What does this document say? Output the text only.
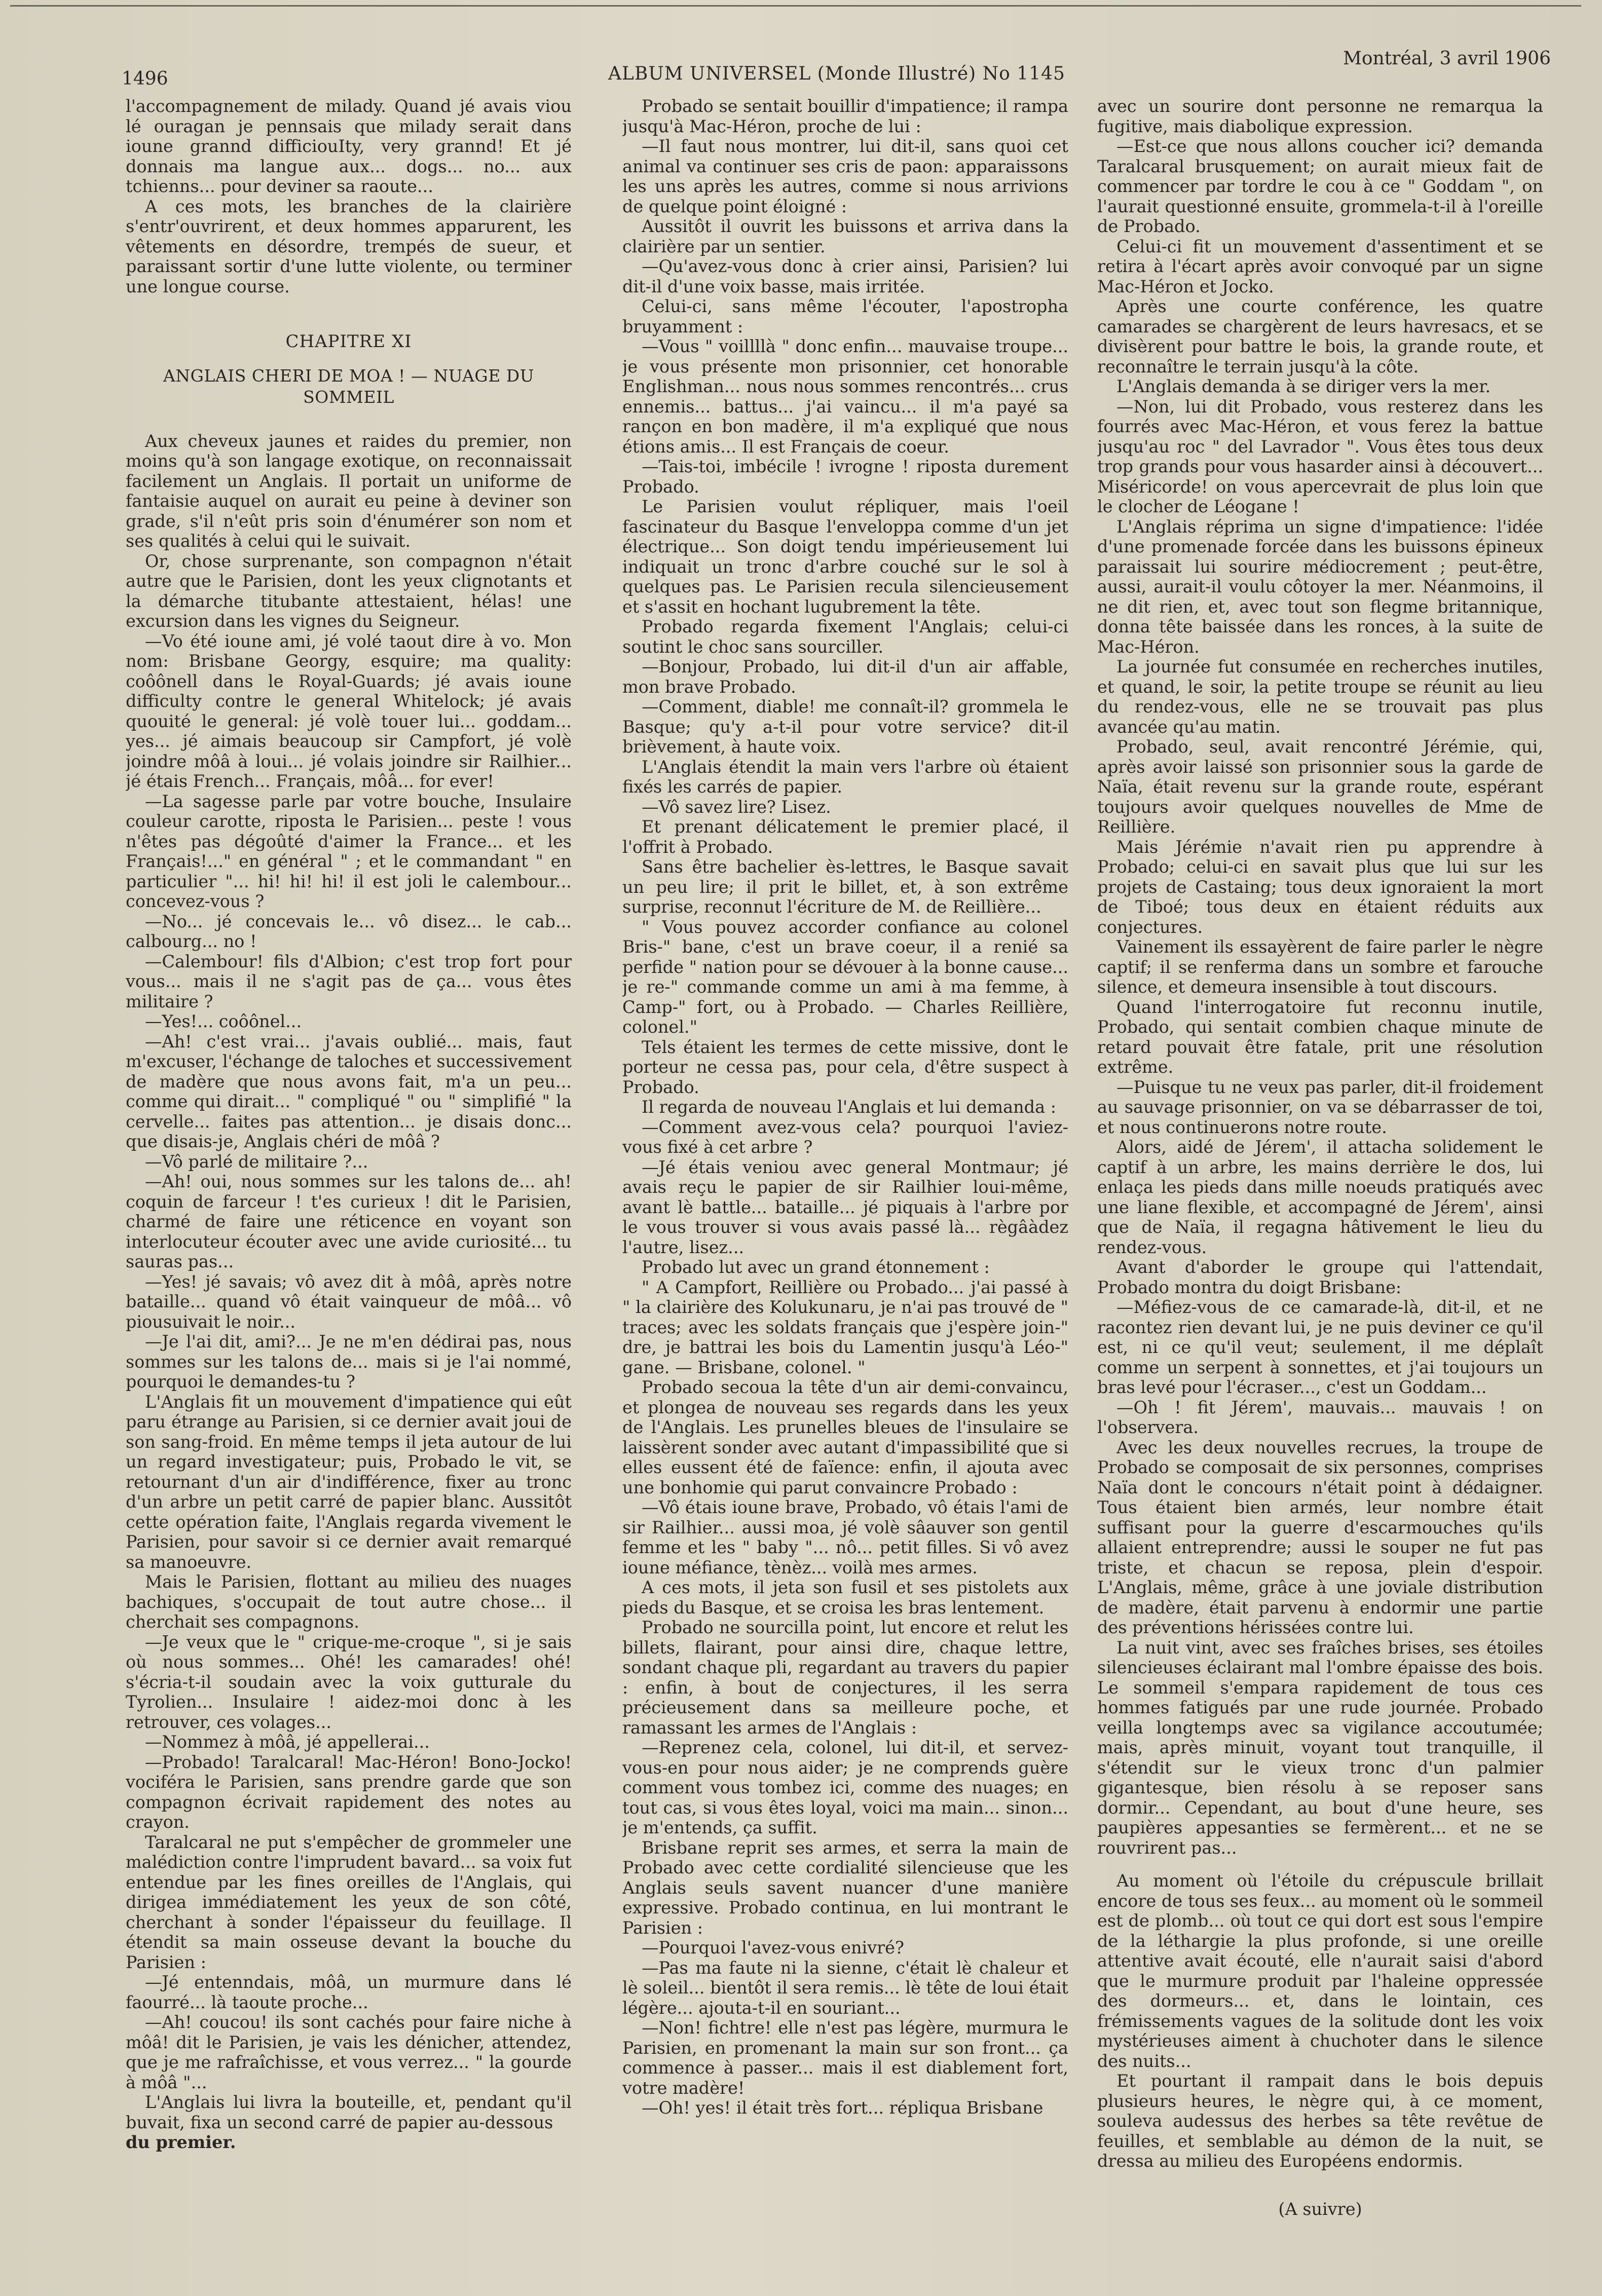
1496	ALBUM UNIVERSEL (Monde Illustré) No 1145
Montréal, 3 avril 1906

l'accompagnement de milady. Quand jé avais viou lé ouragan je pennsais que milady serait dans ioune grannd difficiouIty, very grannd! Et jé donnais ma langue aux... dogs... no... aux tchienns... pour deviner sa raoute...

A ces mots, les branches de la clairière s'entr'ouvrirent, et deux hommes apparurent, les vêtements en désordre, trempés de sueur, et paraissant sortir d'une lutte violente, ou terminer une longue course.

CHAPITRE XI
ANGLAIS CHERI DE MOA ! — NUAGE DU SOMMEIL

Aux cheveux jaunes et raides du premier, non moins qu'à son langage exotique, on reconnaissait facilement un Anglais. Il portait un uniforme de fantaisie auquel on aurait eu peine à deviner son grade, s'il n'eût pris soin d'énumérer son nom et ses qualités à celui qui le suivait.

Or, chose surprenante, son compagnon n'était autre que le Parisien, dont les yeux clignotants et la démarche titubante attestaient, hélas! une excursion dans les vignes du Seigneur.

—Vo été ioune ami, jé volé taout dire à vo. Mon nom: Brisbane Georgy, esquire; ma quality: coôônell dans le Royal-Guards; jé avais ioune difficulty contre le general Whitelock; jé avais quouité le general: jé volè touer lui... goddam... yes... jé aimais beaucoup sir Campfort, jé volè joindre môâ à loui... jé volais joindre sir Railhier... jé étais French... Français, môâ... for ever!

—La sagesse parle par votre bouche, Insulaire couleur carotte, riposta le Parisien... peste ! vous n'êtes pas dégoûté d'aimer la France... et les Français!..." en général " ; et le commandant " en particulier "... hi! hi! hi! il est joli le calembour... concevez-vous ?

—No... jé concevais le... vô disez... le cab... calbourg... no !

—Calembour! fils d'Albion; c'est trop fort pour vous... mais il ne s'agit pas de ça... vous êtes militaire ?

—Yes!... coôônel...

—Ah! c'est vrai... j'avais oublié... mais, faut m'excuser, l'échange de taloches et successivement de madère que nous avons fait, m'a un peu... comme qui dirait... " compliqué " ou " simplifié " la cervelle... faites pas attention... je disais donc... que disais-je, Anglais chéri de môâ ?

—Vô parlé de militaire ?...

—Ah! oui, nous sommes sur les talons de... ah! coquin de farceur ! t'es curieux ! dit le Parisien, charmé de faire une réticence en voyant son interlocuteur écouter avec une avide curiosité... tu sauras pas...

—Yes! jé savais; vô avez dit à môâ, après notre bataille... quand vô était vainqueur de môâ... vô piousuivait le noir...

—Je l'ai dit, ami?... Je ne m'en dédirai pas, nous sommes sur les talons de... mais si je l'ai nommé, pourquoi le demandes-tu ?

L'Anglais fit un mouvement d'impatience qui eût paru étrange au Parisien, si ce dernier avait joui de son sang-froid. En même temps il jeta autour de lui un regard investigateur; puis, Probado le vit, se retournant d'un air d'indifférence, fixer au tronc d'un arbre un petit carré de papier blanc. Aussitôt cette opération faite, l'Anglais regarda vivement le Parisien, pour savoir si ce dernier avait remarqué sa manoeuvre.

Mais le Parisien, flottant au milieu des nuages bachiques, s'occupait de tout autre chose... il cherchait ses compagnons.

—Je veux que le " crique-me-croque ", si je sais où nous sommes... Ohé! les camarades! ohé! s'écria-t-il soudain avec la voix gutturale du Tyrolien... Insulaire ! aidez-moi donc à les retrouver, ces volages...

—Nommez à môâ, jé appellerai...

—Probado! Taralcaral! Mac-Héron! Bono-Jocko! vociféra le Parisien, sans prendre garde que son compagnon écrivait rapidement des notes au crayon.

Taralcaral ne put s'empêcher de grommeler une malédiction contre l'imprudent bavard... sa voix fut entendue par les fines oreilles de l'Anglais, qui dirigea immédiatement les yeux de son côté, cherchant à sonder l'épaisseur du feuillage. Il étendit sa main osseuse devant la bouche du Parisien :

—Jé entenndais, môâ, un murmure dans lé faourré... là taoute proche...

—Ah! coucou! ils sont cachés pour faire niche à môâ! dit le Parisien, je vais les dénicher, attendez, que je me rafraîchisse, et vous verrez... " la gourde à môâ "...

L'Anglais lui livra la bouteille, et, pendant qu'il buvait, fixa un second carré de papier au-dessous

du premier.

Probado se sentait bouillir d'impatience; il rampa jusqu'à Mac-Héron, proche de lui :

—Il faut nous montrer, lui dit-il, sans quoi cet animal va continuer ses cris de paon: apparaissons les uns après les autres, comme si nous arrivions de quelque point éloigné :

Aussitôt il ouvrit les buissons et arriva dans la clairière par un sentier.

—Qu'avez-vous donc à crier ainsi, Parisien? lui dit-il d'une voix basse, mais irritée.

Celui-ci, sans même l'écouter, l'apostropha bruyamment :

—Vous " voillllà " donc enfin... mauvaise troupe... je vous présente mon prisonnier, cet honorable Englishman... nous nous sommes rencontrés... crus ennemis... battus... j'ai vaincu... il m'a payé sa rançon en bon madère, il m'a expliqué que nous étions amis... Il est Français de coeur.

—Tais-toi, imbécile ! ivrogne ! riposta durement Probado.

Le Parisien voulut répliquer, mais l'oeil fascinateur du Basque l'enveloppa comme d'un jet électrique... Son doigt tendu impérieusement lui indiquait un tronc d'arbre couché sur le sol à quelques pas. Le Parisien recula silencieusement et s'assit en hochant lugubrement la tête.

Probado regarda fixement l'Anglais; celui-ci soutint le choc sans sourciller.

—Bonjour, Probado, lui dit-il d'un air affable, mon brave Probado.

—Comment, diable! me connaît-il? grommela le Basque; qu'y a-t-il pour votre service? dit-il brièvement, à haute voix.

L'Anglais étendit la main vers l'arbre où étaient fixés les carrés de papier.

—Vô savez lire? Lisez.

Et prenant délicatement le premier placé, il l'offrit à Probado.

Sans être bachelier ès-lettres, le Basque savait un peu lire; il prit le billet, et, à son extrême surprise, reconnut l'écriture de M. de Reillière...

" Vous pouvez accorder confiance au colonel Bris-" bane, c'est un brave coeur, il a renié sa perfide " nation pour se dévouer à la bonne cause... je re-" commande comme un ami à ma femme, à Camp-" fort, ou à Probado. — Charles Reillière, colonel."

Tels étaient les termes de cette missive, dont le porteur ne cessa pas, pour cela, d'être suspect à Probado.

Il regarda de nouveau l'Anglais et lui demanda :

—Comment avez-vous cela? pourquoi l'aviez-vous fixé à cet arbre ?

—Jé étais veniou avec general Montmaur; jé avais reçu le papier de sir Railhier loui-même, avant lè battle... bataille... jé piquais à l'arbre por le vous trouver si vous avais passé là... règâàdez l'autre, lisez...

Probado lut avec un grand étonnement :

" A Campfort, Reillière ou Probado... j'ai passé à " la clairière des Kolukunaru, je n'ai pas trouvé de " traces; avec les soldats français que j'espère join-" dre, je battrai les bois du Lamentin jusqu'à Léo-" gane. — Brisbane, colonel. "

Probado secoua la tête d'un air demi-convaincu, et plongea de nouveau ses regards dans les yeux de l'Anglais. Les prunelles bleues de l'insulaire se laissèrent sonder avec autant d'impassibilité que si elles eussent été de faïence: enfin, il ajouta avec une bonhomie qui parut convaincre Probado :

—Vô étais ioune brave, Probado, vô étais l'ami de sir Railhier... aussi moa, jé volè sâauver son gentil femme et les " baby "... nô... petit filles. Si vô avez ioune méfiance, tènèz... voilà mes armes.

A ces mots, il jeta son fusil et ses pistolets aux pieds du Basque, et se croisa les bras lentement.

Probado ne sourcilla point, lut encore et relut les billets, flairant, pour ainsi dire, chaque lettre, sondant chaque pli, regardant au travers du papier : enfin, à bout de conjectures, il les serra précieusement dans sa meilleure poche, et ramassant les armes de l'Anglais :

—Reprenez cela, colonel, lui dit-il, et servez-vous-en pour nous aider; je ne comprends guère comment vous tombez ici, comme des nuages; en tout cas, si vous êtes loyal, voici ma main... sinon... je m'entends, ça suffit.

Brisbane reprit ses armes, et serra la main de Probado avec cette cordialité silencieuse que les Anglais seuls savent nuancer d'une manière expressive. Probado continua, en lui montrant le Parisien :

—Pourquoi l'avez-vous enivré?

—Pas ma faute ni la sienne, c'était lè chaleur et lè soleil... bientôt il sera remis... lè tête de loui était légère... ajouta-t-il en souriant...

—Non! fichtre! elle n'est pas légère, murmura le Parisien, en promenant la main sur son front... ça commence à passer... mais il est diablement fort, votre madère!

—Oh! yes! il était très fort... répliqua Brisbane

avec un sourire dont personne ne remarqua la fugitive, mais diabolique expression.

—Est-ce que nous allons coucher ici? demanda Taralcaral brusquement; on aurait mieux fait de commencer par tordre le cou à ce " Goddam ", on l'aurait questionné ensuite, grommela-t-il à l'oreille de Probado.

Celui-ci fit un mouvement d'assentiment et se retira à l'écart après avoir convoqué par un signe Mac-Héron et Jocko.

Après une courte conférence, les quatre camarades se chargèrent de leurs havresacs, et se divisèrent pour battre le bois, la grande route, et reconnaître le terrain jusqu'à la côte.

L'Anglais demanda à se diriger vers la mer.

—Non, lui dit Probado, vous resterez dans les fourrés avec Mac-Héron, et vous ferez la battue jusqu'au roc " del Lavrador ". Vous êtes tous deux trop grands pour vous hasarder ainsi à découvert... Miséricorde! on vous apercevrait de plus loin que le clocher de Léogane !

L'Anglais réprima un signe d'impatience: l'idée d'une promenade forcée dans les buissons épineux paraissait lui sourire médiocrement ; peut-être, aussi, aurait-il voulu côtoyer la mer. Néanmoins, il ne dit rien, et, avec tout son flegme britannique, donna tête baissée dans les ronces, à la suite de Mac-Héron.

La journée fut consumée en recherches inutiles, et quand, le soir, la petite troupe se réunit au lieu du rendez-vous, elle ne se trouvait pas plus avancée qu'au matin.

Probado, seul, avait rencontré Jérémie, qui, après avoir laissé son prisonnier sous la garde de Naïa, était revenu sur la grande route, espérant toujours avoir quelques nouvelles de Mme de Reillière.

Mais Jérémie n'avait rien pu apprendre à Probado; celui-ci en savait plus que lui sur les projets de Castaing; tous deux ignoraient la mort de Tiboé; tous deux en étaient réduits aux conjectures.

Vainement ils essayèrent de faire parler le nègre captif; il se renferma dans un sombre et farouche silence, et demeura insensible à tout discours.

Quand l'interrogatoire fut reconnu inutile, Probado, qui sentait combien chaque minute de retard pouvait être fatale, prit une résolution extrême.

—Puisque tu ne veux pas parler, dit-il froidement au sauvage prisonnier, on va se débarrasser de toi, et nous continuerons notre route.

Alors, aidé de Jérem', il attacha solidement le captif à un arbre, les mains derrière le dos, lui enlaça les pieds dans mille noeuds pratiqués avec une liane flexible, et accompagné de Jérem', ainsi que de Naïa, il regagna hâtivement le lieu du rendez-vous.

Avant d'aborder le groupe qui l'attendait, Probado montra du doigt Brisbane:

—Méfiez-vous de ce camarade-là, dit-il, et ne racontez rien devant lui, je ne puis deviner ce qu'il est, ni ce qu'il veut; seulement, il me déplaît comme un serpent à sonnettes, et j'ai toujours un bras levé pour l'écraser..., c'est un Goddam...

—Oh ! fit Jérem', mauvais... mauvais ! on l'observera.

Avec les deux nouvelles recrues, la troupe de Probado se composait de six personnes, comprises Naïa dont le concours n'était point à dédaigner. Tous étaient bien armés, leur nombre était suffisant pour la guerre d'escarmouches qu'ils allaient entreprendre; aussi le souper ne fut pas triste, et chacun se reposa, plein d'espoir. L'Anglais, même, grâce à une joviale distribution de madère, était parvenu à endormir une partie des préventions hérissées contre lui.

La nuit vint, avec ses fraîches brises, ses étoiles silencieuses éclairant mal l'ombre épaisse des bois. Le sommeil s'empara rapidement de tous ces hommes fatigués par une rude journée. Probado veilla longtemps avec sa vigilance accoutumée; mais, après minuit, voyant tout tranquille, il s'étendit sur le vieux tronc d'un palmier gigantesque, bien résolu à se reposer sans dormir... Cependant, au bout d'une heure, ses paupières appesanties se fermèrent... et ne se rouvrirent pas...

Au moment où l'étoile du crépuscule brillait encore de tous ses feux... au moment où le sommeil est de plomb... où tout ce qui dort est sous l'empire de la léthargie la plus profonde, si une oreille attentive avait écouté, elle n'aurait saisi d'abord que le murmure produit par l'haleine oppressée des dormeurs... et, dans le lointain, ces frémissements vagues de la solitude dont les voix mystérieuses aiment à chuchoter dans le silence des nuits...

Et pourtant il rampait dans le bois depuis plusieurs heures, le nègre qui, à ce moment, souleva audessus des herbes sa tête revêtue de feuilles, et semblable au démon de la nuit, se dressa au milieu des Européens endormis.

(A suivre)
